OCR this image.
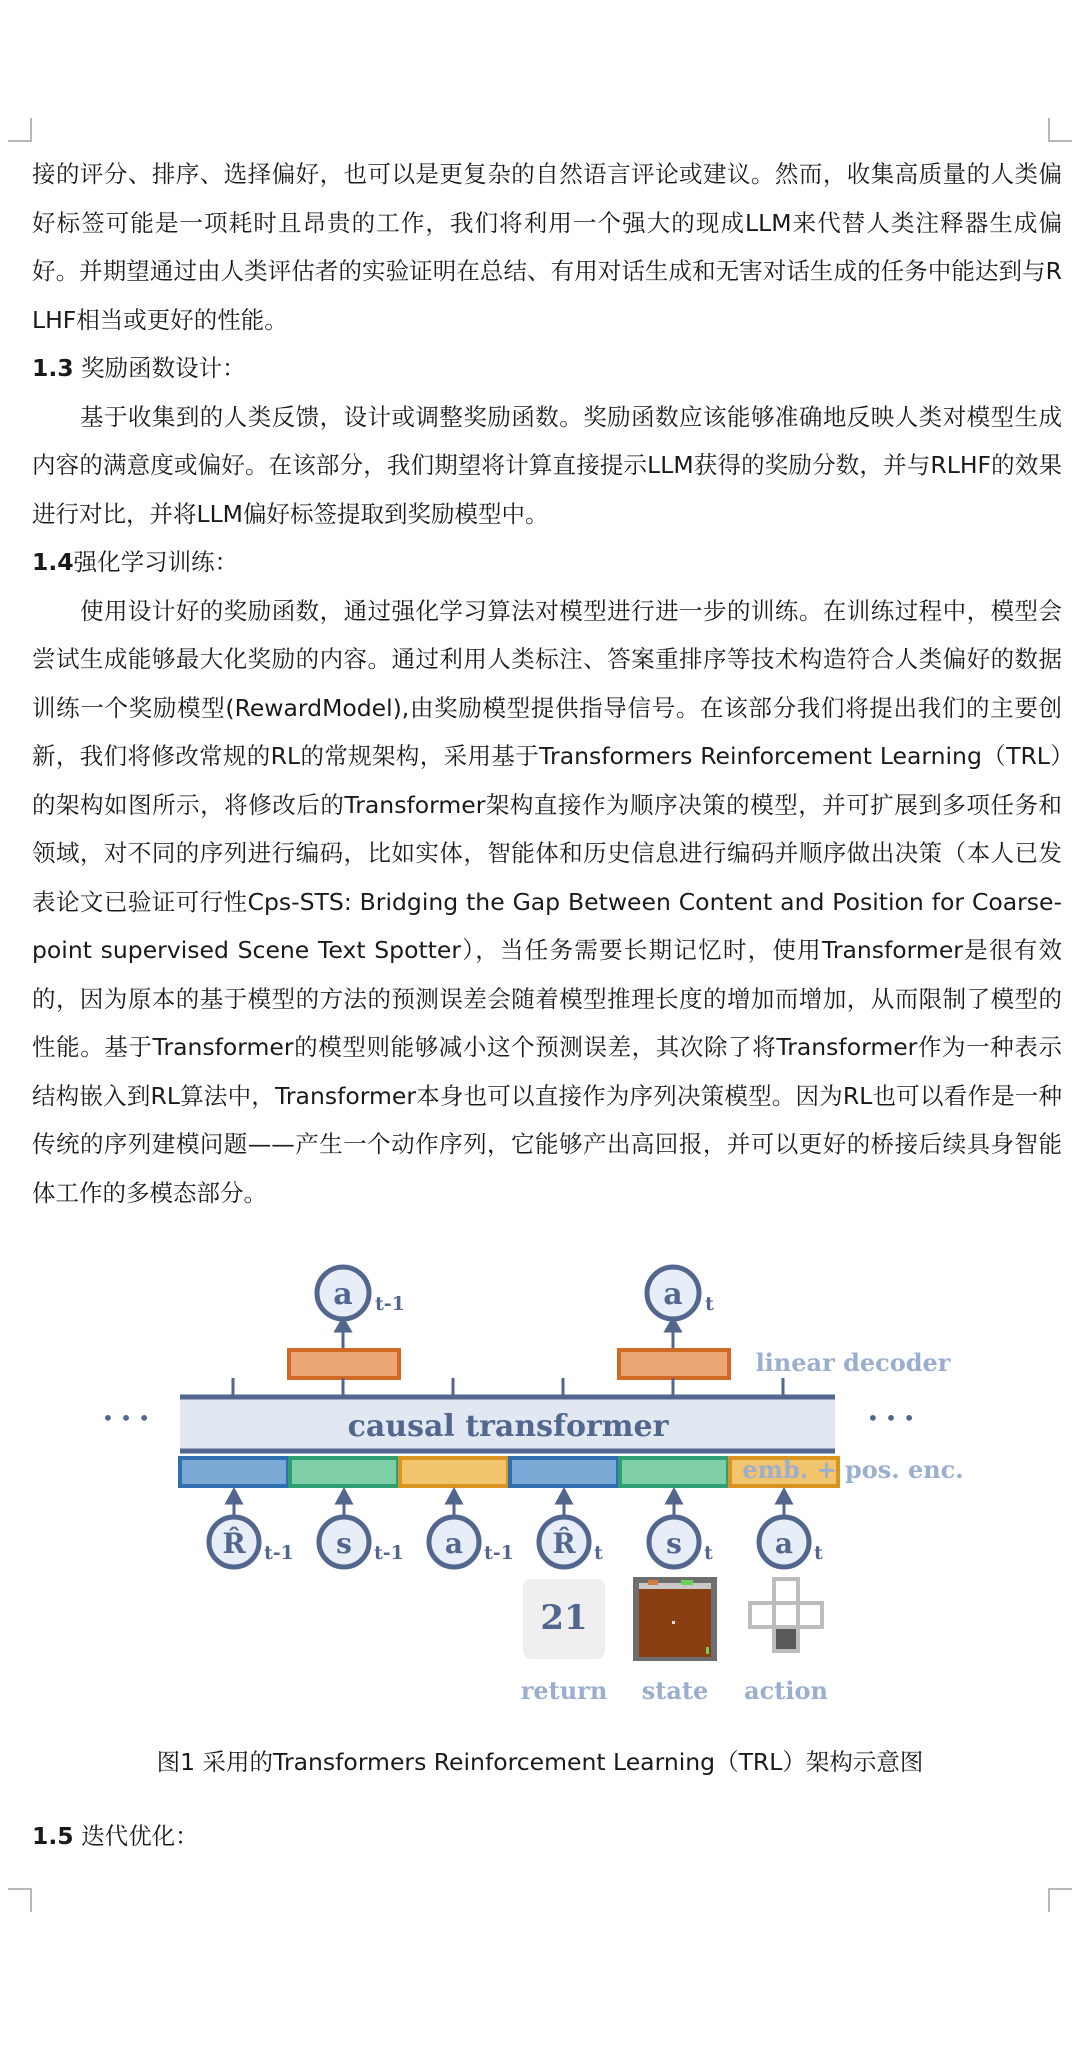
接的评分、排序、选择偏好，也可以是更复杂的自然语言评论或建议。然而，收集高质量的人类偏好标签可能是一项耗时且昂贵的工作，我们将利用一个强大的现成LLM来代替人类注释器生成偏好。并期望通过由人类评估者的实验证明在总结、有用对话生成和无害对话生成的任务中能达到与RLHF相当或更好的性能。

1.3 奖励函数设计：

基于收集到的人类反馈，设计或调整奖励函数。奖励函数应该能够准确地反映人类对模型生成内容的满意度或偏好。在该部分，我们期望将计算直接提示LLM获得的奖励分数，并与RLHF的效果进行对比，并将LLM偏好标签提取到奖励模型中。

1.4强化学习训练：

使用设计好的奖励函数，通过强化学习算法对模型进行进一步的训练。在训练过程中，模型会尝试生成能够最大化奖励的内容。通过利用人类标注、答案重排序等技术构造符合人类偏好的数据训练一个奖励模型(RewardModel),由奖励模型提供指导信号。在该部分我们将提出我们的主要创新，我们将修改常规的RL的常规架构，采用基于Transformers Reinforcement Learning（TRL）的架构如图所示，将修改后的Transformer架构直接作为顺序决策的模型，并可扩展到多项任务和领域，对不同的序列进行编码，比如实体，智能体和历史信息进行编码并顺序做出决策（本人已发表论文已验证可行性Cps-STS: Bridging the Gap Between Content and Position for Coarse-point supervised Scene Text Spotter），当任务需要长期记忆时，使用Transformer是很有效的，因为原本的基于模型的方法的预测误差会随着模型推理长度的增加而增加，从而限制了模型的性能。基于Transformer的模型则能够减小这个预测误差，其次除了将Transformer作为一种表示结构嵌入到RL算法中，Transformer本身也可以直接作为序列决策模型。因为RL也可以看作是一种传统的序列建模问题——产生一个动作序列，它能够产出高回报，并可以更好的桥接后续具身智能体工作的多模态部分。

a t-1	a t
linear decoder
causal transformer
• • •	• • •
emb. + pos. enc.
R̂ t-1 s t-1 a t-1 R̂ t s t a t
21
return state action
图1 采用的Transformers Reinforcement Learning（TRL）架构示意图

1.5 迭代优化：
